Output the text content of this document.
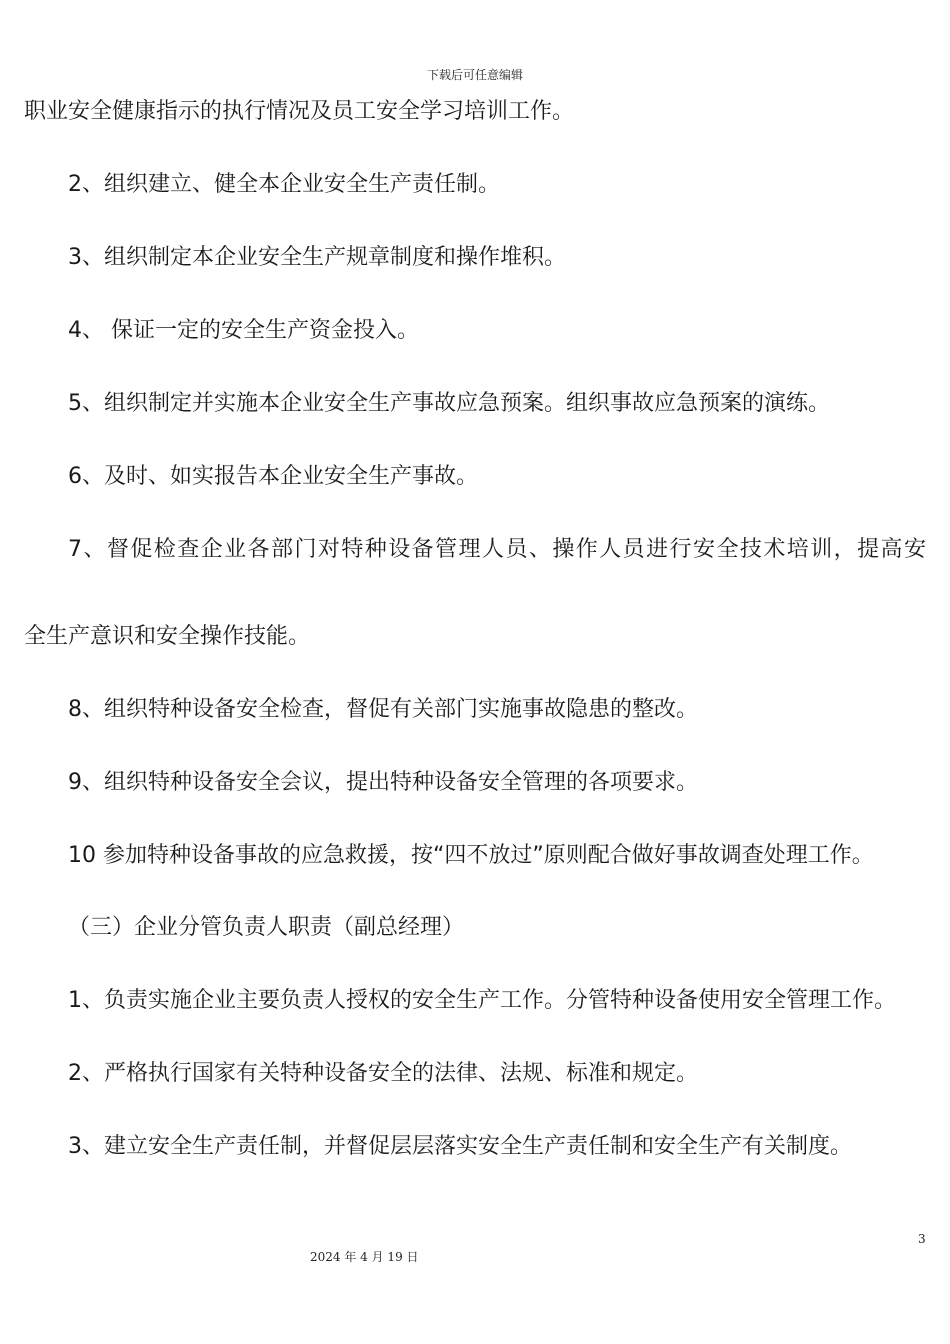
下载后可任意编辑
职业安全健康指示的执行情况及员工安全学习培训工作。
2、组织建立、健全本企业安全生产责任制。
3、组织制定本企业安全生产规章制度和操作堆积。
4、 保证一定的安全生产资金投入。
5、组织制定并实施本企业安全生产事故应急预案。组织事故应急预案的演练。
6、及时、如实报告本企业安全生产事故。
7、督促检查企业各部门对特种设备管理人员、操作人员进行安全技术培训，提高安
全生产意识和安全操作技能。
8、组织特种设备安全检查，督促有关部门实施事故隐患的整改。
9、组织特种设备安全会议，提出特种设备安全管理的各项要求。
10 参加特种设备事故的应急救援，按“四不放过”原则配合做好事故调查处理工作。
（三）企业分管负责人职责（副总经理）
1、负责实施企业主要负责人授权的安全生产工作。分管特种设备使用安全管理工作。
2、严格执行国家有关特种设备安全的法律、法规、标准和规定。
3、建立安全生产责任制，并督促层层落实安全生产责任制和安全生产有关制度。
3
2024 年 4 月 19 日
